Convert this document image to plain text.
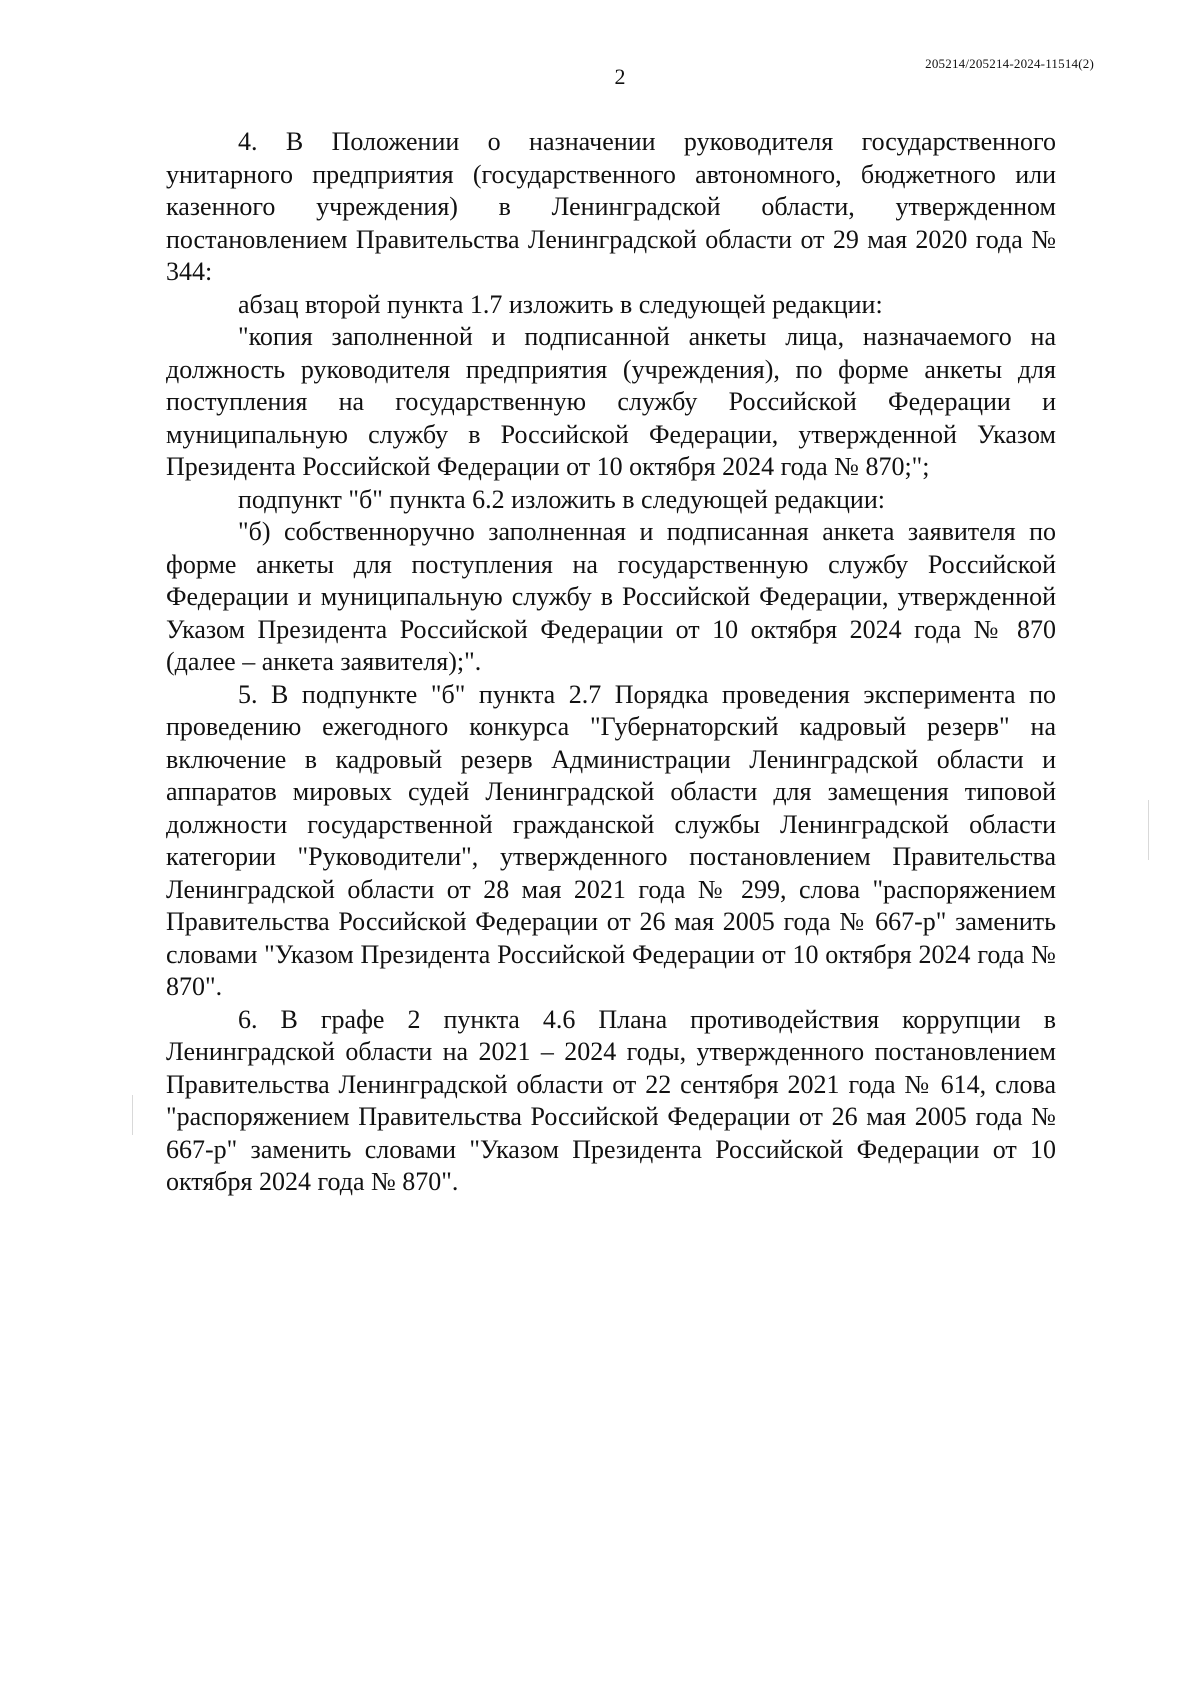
2
205214/205214-2024-11514(2)

4. В Положении о назначении руководителя государственного унитарного предприятия (государственного автономного, бюджетного или казенного учреждения) в Ленинградской области, утвержденном постановлением Правительства Ленинградской области от 29 мая 2020 года № 344:

абзац второй пункта 1.7 изложить в следующей редакции:

"копия заполненной и подписанной анкеты лица, назначаемого на должность руководителя предприятия (учреждения), по форме анкеты для поступления на государственную службу Российской Федерации и муниципальную службу в Российской Федерации, утвержденной Указом Президента Российской Федерации от 10 октября 2024 года № 870;";

подпункт "б" пункта 6.2 изложить в следующей редакции:

"б) собственноручно заполненная и подписанная анкета заявителя по форме анкеты для поступления на государственную службу Российской Федерации и муниципальную службу в Российской Федерации, утвержденной Указом Президента Российской Федерации от 10 октября 2024 года № 870 (далее – анкета заявителя);".

5. В подпункте "б" пункта 2.7 Порядка проведения эксперимента по проведению ежегодного конкурса "Губернаторский кадровый резерв" на включение в кадровый резерв Администрации Ленинградской области и аппаратов мировых судей Ленинградской области для замещения типовой должности государственной гражданской службы Ленинградской области категории "Руководители", утвержденного постановлением Правительства Ленинградской области от 28 мая 2021 года № 299, слова "распоряжением Правительства Российской Федерации от 26 мая 2005 года № 667-р" заменить словами "Указом Президента Российской Федерации от 10 октября 2024 года № 870".

6. В графе 2 пункта 4.6 Плана противодействия коррупции в Ленинградской области на 2021 – 2024 годы, утвержденного постановлением Правительства Ленинградской области от 22 сентября 2021 года № 614, слова "распоряжением Правительства Российской Федерации от 26 мая 2005 года № 667-р" заменить словами "Указом Президента Российской Федерации от 10 октября 2024 года № 870".
